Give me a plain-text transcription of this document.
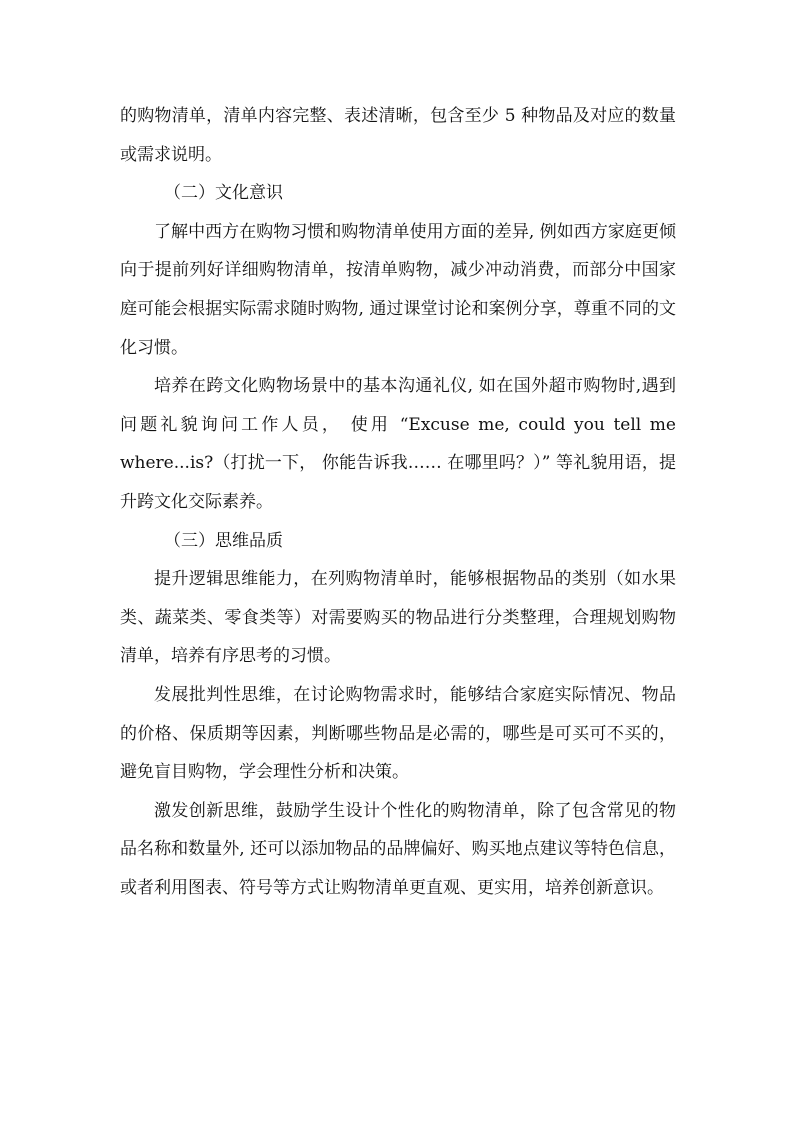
的购物清单，清单内容完整、表述清晰，包含至少 5 种物品及对应的数量或需求说明。

（二）文化意识

了解中西方在购物习惯和购物清单使用方面的差异, 例如西方家庭更倾向于提前列好详细购物清单，按清单购物，减少冲动消费，而部分中国家庭可能会根据实际需求随时购物, 通过课堂讨论和案例分享，尊重不同的文化习惯。

培养在跨文化购物场景中的基本沟通礼仪, 如在国外超市购物时,遇到问题礼貌询问工作人员， 使用 “Excuse me, could you tell me where...is?（打扰一下， 你能告诉我…… 在哪里吗？）” 等礼貌用语，提升跨文化交际素养。

（三）思维品质

提升逻辑思维能力，在列购物清单时，能够根据物品的类别（如水果类、蔬菜类、零食类等）对需要购买的物品进行分类整理，合理规划购物清单，培养有序思考的习惯。

发展批判性思维，在讨论购物需求时，能够结合家庭实际情况、物品的价格、保质期等因素，判断哪些物品是必需的，哪些是可买可不买的，避免盲目购物，学会理性分析和决策。

激发创新思维，鼓励学生设计个性化的购物清单，除了包含常见的物品名称和数量外, 还可以添加物品的品牌偏好、购买地点建议等特色信息， 或者利用图表、符号等方式让购物清单更直观、更实用，培养创新意识。
